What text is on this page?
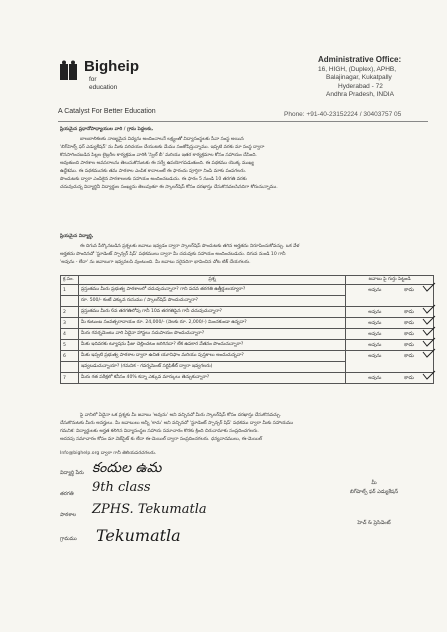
Bigheip
for
education
A Catalyst For Better Education
Administrative Office:
16, HIGH, (Duplex), APHB,
Balajinagar, Kukatpally
Hyderabad - 72
Andhra Pradesh, INDIA
Phone: +91-40-23152224 / 30403757 05
ప్రియమైన ప్రధానోపాధ్యాయుల వారి / గ్రామ పెద్దలకు,
బాలబాలికలకు నాణ్యమైన విద్యను అందించాలనే లక్ష్యంతో విద్యాసంస్థలకు సేవా సంస్థ అయిన
'బిగ్‌హెల్ప్ ఫర్ ఎడ్యుకేషన్' ను మీకు పరిచయం చేయుటకు మేము సంతోషిస్తున్నాము. ఇప్పటి వరకు మా సంస్థ ద్వారా
కొనసాగించబడిన పిల్లల లైబ్రరీల కార్యక్రమం వారికి 'స్పెల్ బీ' మరియు ఇతర కార్యక్రమాల కోసం సహాయం చేసింది.
అవుతుంది పాఠశాల అవసరాలను తెలుసుకొనుటకు ఈ సర్వే ఉపయోగపడుతుంది. ఈ పథకము యొక్క ముఖ్య
ఉద్దేశము. ఈ పథకమునకు తమ పాఠశాల ఎంపిక కావాలంటే ఈ ఫారంను పూర్తిగా నింపి మాకు పంపగలరు.
పొందుటకు ద్వారా ఎంపికైన పాఠశాలలకు సహాయం అందించబడును. ఈ ఫారం 5 నుండి 10 తరగతి వరకు
చదువుచున్న విద్యార్థినీ విద్యార్థుల సంఖ్యను తెలుపుతూ ఈ స్కాలర్‌షిప్ కోసం దరఖాస్తు చేసుకొనవలసినదిగా కోరుచున్నాము.
ప్రియమైన విద్యార్థి,
ఈ దిగువ పేర్కొనబడిన ప్రశ్నలకు జవాబు ఇవ్వడం ద్వారా స్కాలర్‌షిప్ పొందుటకు తగిన అర్హతను నిరూపించుకోవచ్చు. ఒక వేళ
అర్హతను పొందినచో 'స్టూడెంట్ స్పాన్సర్ షిప్' పథకములు ద్వారా మీ చదువుకు సహాయం అందించబడును. దిగువ నుండి 10 గానీ
'అవును - లేదా' ను జవాబుగా ఇవ్వవలసి వుంటుంది. మీ జవాబు సరైనదిగా భావించిన చోట టిక్ చేయగలరు.
క్ర.సం.	ప్రశ్న	జవాబు పై గుర్తు పెట్టండి
1	ప్రస్తుతము మీరు ప్రభుత్వ పాఠశాలలో చదువుచున్నారా? గాని పదవ తరగతి ఉత్తీర్ణులయ్యారా?	అవును కాదు

	రూ. 500/- కంటే ఎక్కువ రుసుము / స్కాలర్‌షిప్ పొందుచున్నారా?	
2	ప్రస్తుతము మీరు 6వ తరగతిలోపు గానీ 10వ తరగతిపైన గానీ చదువుచున్నారా?	అవును కాదు

3	మీ కుటుంబ సంవత్సరాదాయం రూ. 24,000/- (నెలకు రూ. 2,000/-) మించకుండా ఉన్నదా?	అవును కాదు

4	మీరు గవర్నమెంటు వారి ఏదైనా హాస్టలు సదుపాయం పొందుచున్నారా?	అవును కాదు

5	మీకు ఇదివరకు ట్యూషను ఫీజు చెల్లించటం జరిగినదా? లేక ఉపకార వేతనం పొందుచున్నారా?	అవును కాదు

6	మీకు ఇప్పటి ప్రభుత్వ పాఠశాల ద్వారా ఉచిత యూనిఫాం మరియు పుస్తకాలు అందుచున్నవా?	అవును కాదు

	ఇవ్వబడుచున్నాయా? (గమనిక - గవర్నమెంట్ సర్టిఫికేట్ ద్వారా ఇవ్వగలరు)	
7	మీరు గత పరీక్షలో కనీసం 40% కన్నా ఎక్కువ మార్కులు తెచ్చుకున్నారా?	అవును కాదు
పై వానిలో ఏదైనా ఒక ప్రశ్నకు మీ జవాబు 'అవును' అని వచ్చినచో మీరు స్కాలర్‌షిప్ కోసం దరఖాస్తు చేసుకొనవచ్చు.
చేసుకొనుటకు మీరు అనర్హులు. మీ జవాబులు అన్నీ 'కాదు' అని వచ్చినచో 'స్టూడెంట్ స్పాన్సర్ షిప్' పథకము ద్వారా మీకు సహాయము
గమనిక: విద్యార్థులకు అర్హత కలిగిన విద్యాసంస్థల సహాయ సమాచారం కొరకు క్రింది చిరునామాకు సంప్రదించగలరు.
అదనపు సమాచారం కోసం మా వెబ్‌సైట్ కు లేదా ఈ-మెయిల్ ద్వారా సంప్రదించగలరు. ధన్యవాదములు, ఈ-మెయిల్
Info@bighelp.org ద్వారా గానీ తెలియపరచగలరు.
విద్యార్థి పేరు కందుల ఉమ
తరగతి 9th class
పాఠశాల ZPHS. Tekumatla
గ్రామము Tekumatla
మీ
బిగ్‌హెల్ప్ ఫర్ ఎడ్యుకేషన్
హెచ్ & ప్రెసిడెంట్
